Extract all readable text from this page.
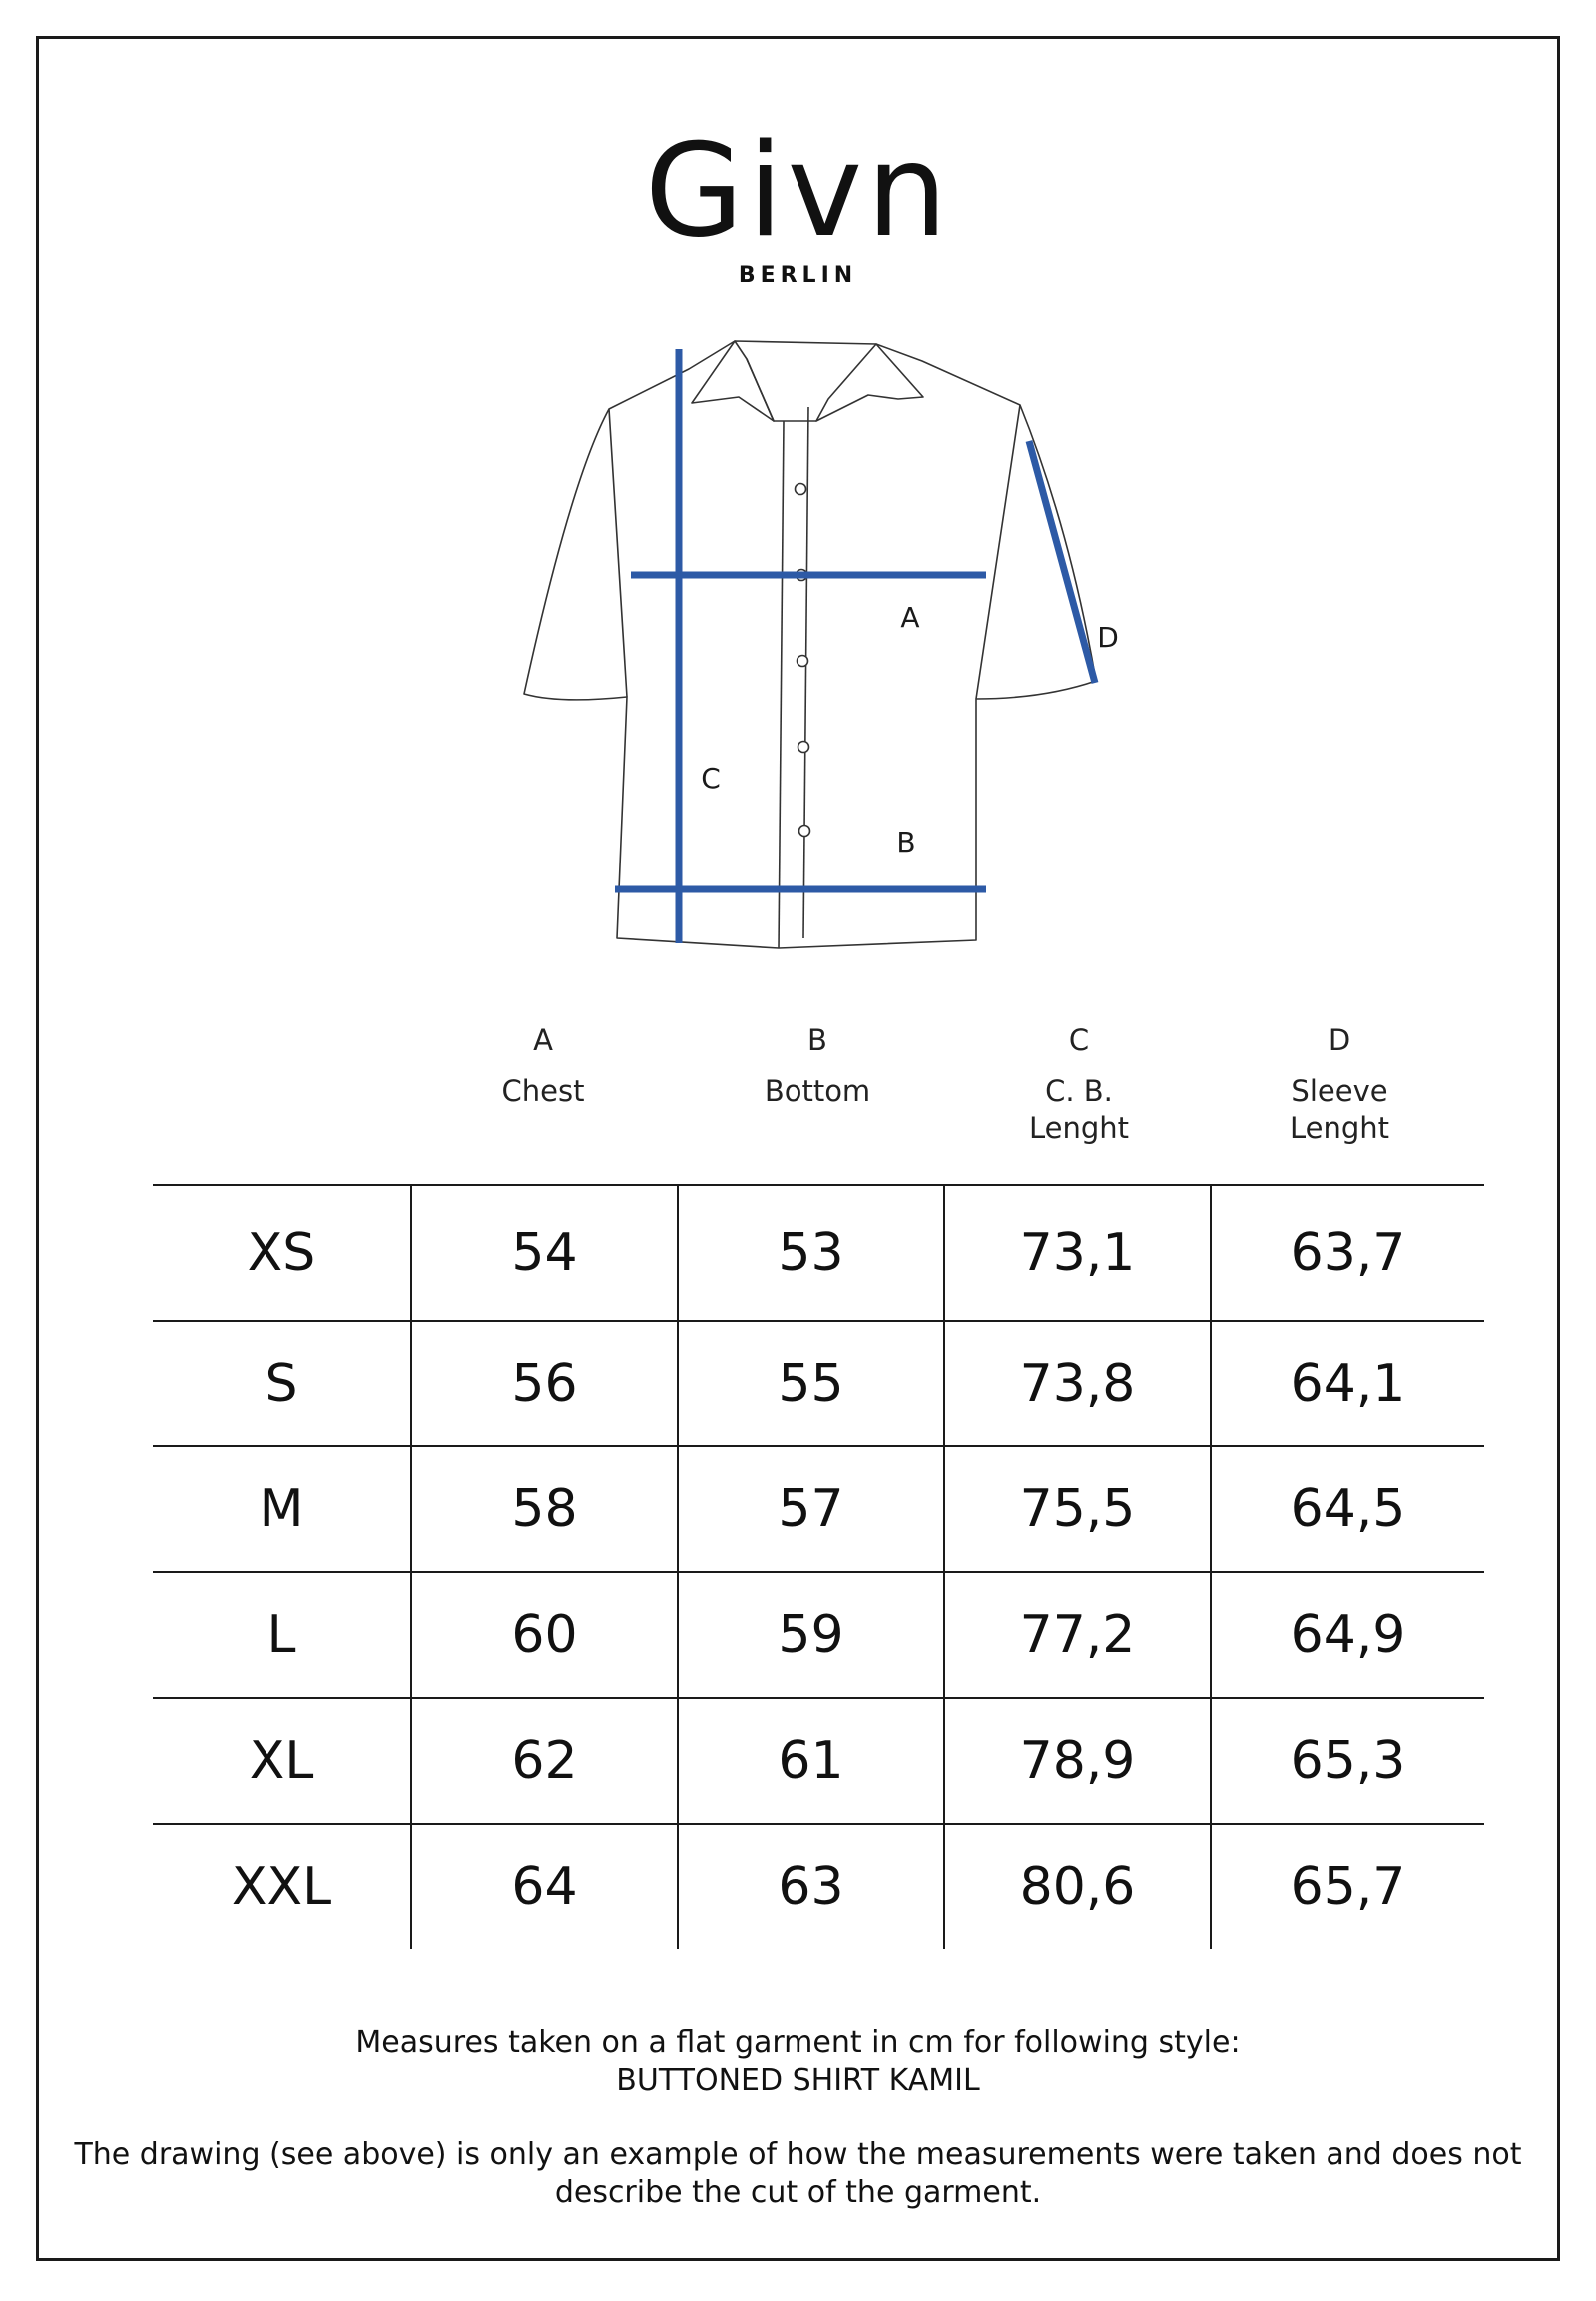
Givn
BERLIN
A
D
C
B
A
Chest
B
Bottom
C
C. B.
Lenght
D
Sleeve
Lenght
XS	54	53	73,1	63,7
S	56	55	73,8	64,1
M	58	57	75,5	64,5
L	60	59	77,2	64,9
XL	62	61	78,9	65,3
XXL	64	63	80,6	65,7
Measures taken on a flat garment in cm for following style:
BUTTONED SHIRT KAMIL
The drawing (see above) is only an example of how the measurements were taken and does not describe the cut of the garment.
